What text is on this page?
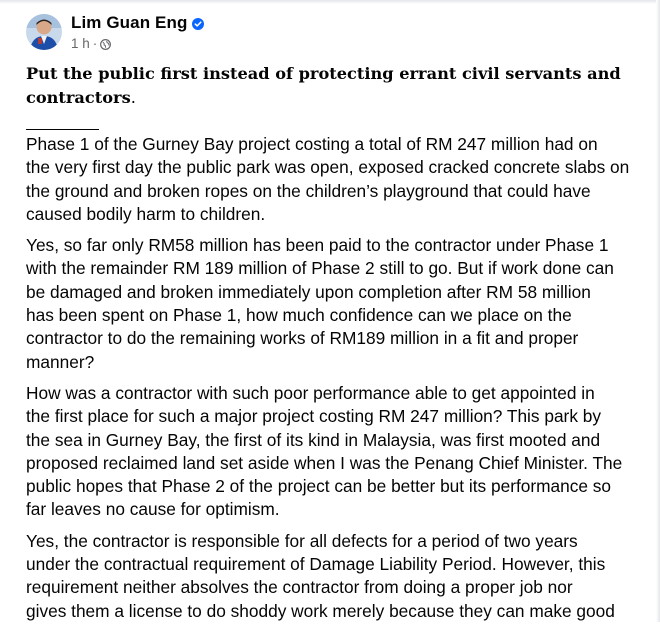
Lim Guan Eng
1 h ·
Put the public first instead of protecting errant civil servants and
contractors.

Phase 1 of the Gurney Bay project costing a total of RM 247 million had on
the very first day the public park was open, exposed cracked concrete slabs on
the ground and broken ropes on the children’s playground that could have
caused bodily harm to children.

Yes, so far only RM58 million has been paid to the contractor under Phase 1
with the remainder RM 189 million of Phase 2 still to go. But if work done can
be damaged and broken immediately upon completion after RM 58 million
has been spent on Phase 1, how much confidence can we place on the
contractor to do the remaining works of RM189 million in a fit and proper
manner?

How was a contractor with such poor performance able to get appointed in
the first place for such a major project costing RM 247 million? This park by
the sea in Gurney Bay, the first of its kind in Malaysia, was first mooted and
proposed reclaimed land set aside when I was the Penang Chief Minister. The
public hopes that Phase 2 of the project can be better but its performance so
far leaves no cause for optimism.

Yes, the contractor is responsible for all defects for a period of two years
under the contractual requirement of Damage Liability Period. However, this
requirement neither absolves the contractor from doing a proper job nor
gives them a license to do shoddy work merely because they can make good
